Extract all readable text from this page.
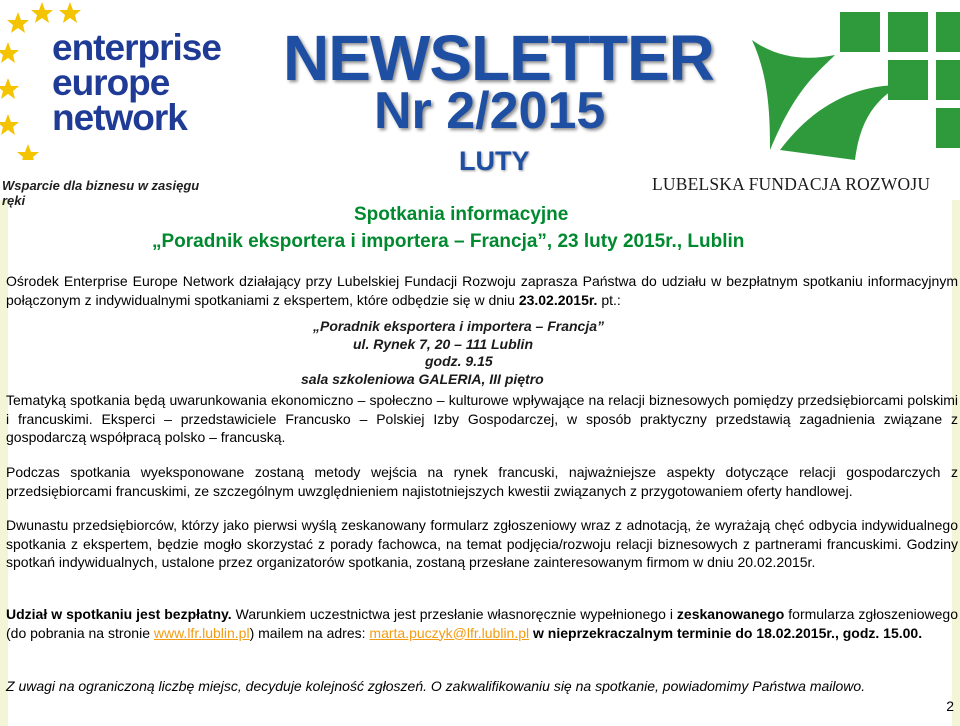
enterprise
europe
network
Wsparcie dla biznesu w zasięgu ręki
NEWSLETTER
Nr 2/2015
LUTY
LUBELSKA FUNDACJA ROZWOJU
Spotkania informacyjne
„Poradnik eksportera i importera – Francja”, 23 luty 2015r., Lublin
Ośrodek Enterprise Europe Network działający przy Lubelskiej Fundacji Rozwoju zaprasza Państwa do udziału w bezpłatnym spotkaniu informacyjnym połączonym z indywidualnymi spotkaniami z ekspertem, które odbędzie się w dniu 23.02.2015r. pt.:
„Poradnik eksportera i importera – Francja”
ul. Rynek 7, 20 – 111 Lublin
godz. 9.15
sala szkoleniowa GALERIA, III piętro
Tematyką spotkania będą uwarunkowania ekonomiczno – społeczno – kulturowe wpływające na relacji biznesowych pomiędzy przedsiębiorcami polskimi i francuskimi. Eksperci – przedstawiciele Francusko – Polskiej Izby Gospodarczej, w sposób praktyczny przedstawią zagadnienia związane z gospodarczą współpracą polsko – francuską.
Podczas spotkania wyeksponowane zostaną metody wejścia na rynek francuski, najważniejsze aspekty dotyczące relacji gospodarczych z przedsiębiorcami francuskimi, ze szczególnym uwzględnieniem najistotniejszych kwestii związanych z przygotowaniem oferty handlowej.
Dwunastu przedsiębiorców, którzy jako pierwsi wyślą zeskanowany formularz zgłoszeniowy wraz z adnotacją, że wyrażają chęć odbycia indywidualnego spotkania z ekspertem, będzie mogło skorzystać z porady fachowca, na temat podjęcia/rozwoju relacji biznesowych z partnerami francuskimi. Godziny spotkań indywidualnych, ustalone przez organizatorów spotkania, zostaną przesłane zainteresowanym firmom w dniu 20.02.2015r.
Udział w spotkaniu jest bezpłatny. Warunkiem uczestnictwa jest przesłanie własnoręcznie wypełnionego i zeskanowanego formularza zgłoszeniowego (do pobrania na stronie www.lfr.lublin.pl) mailem na adres: marta.puczyk@lfr.lublin.pl w nieprzekraczalnym terminie do 18.02.2015r., godz. 15.00.
Z uwagi na ograniczoną liczbę miejsc, decyduje kolejność zgłoszeń. O zakwalifikowaniu się na spotkanie, powiadomimy Państwa mailowo.
2
